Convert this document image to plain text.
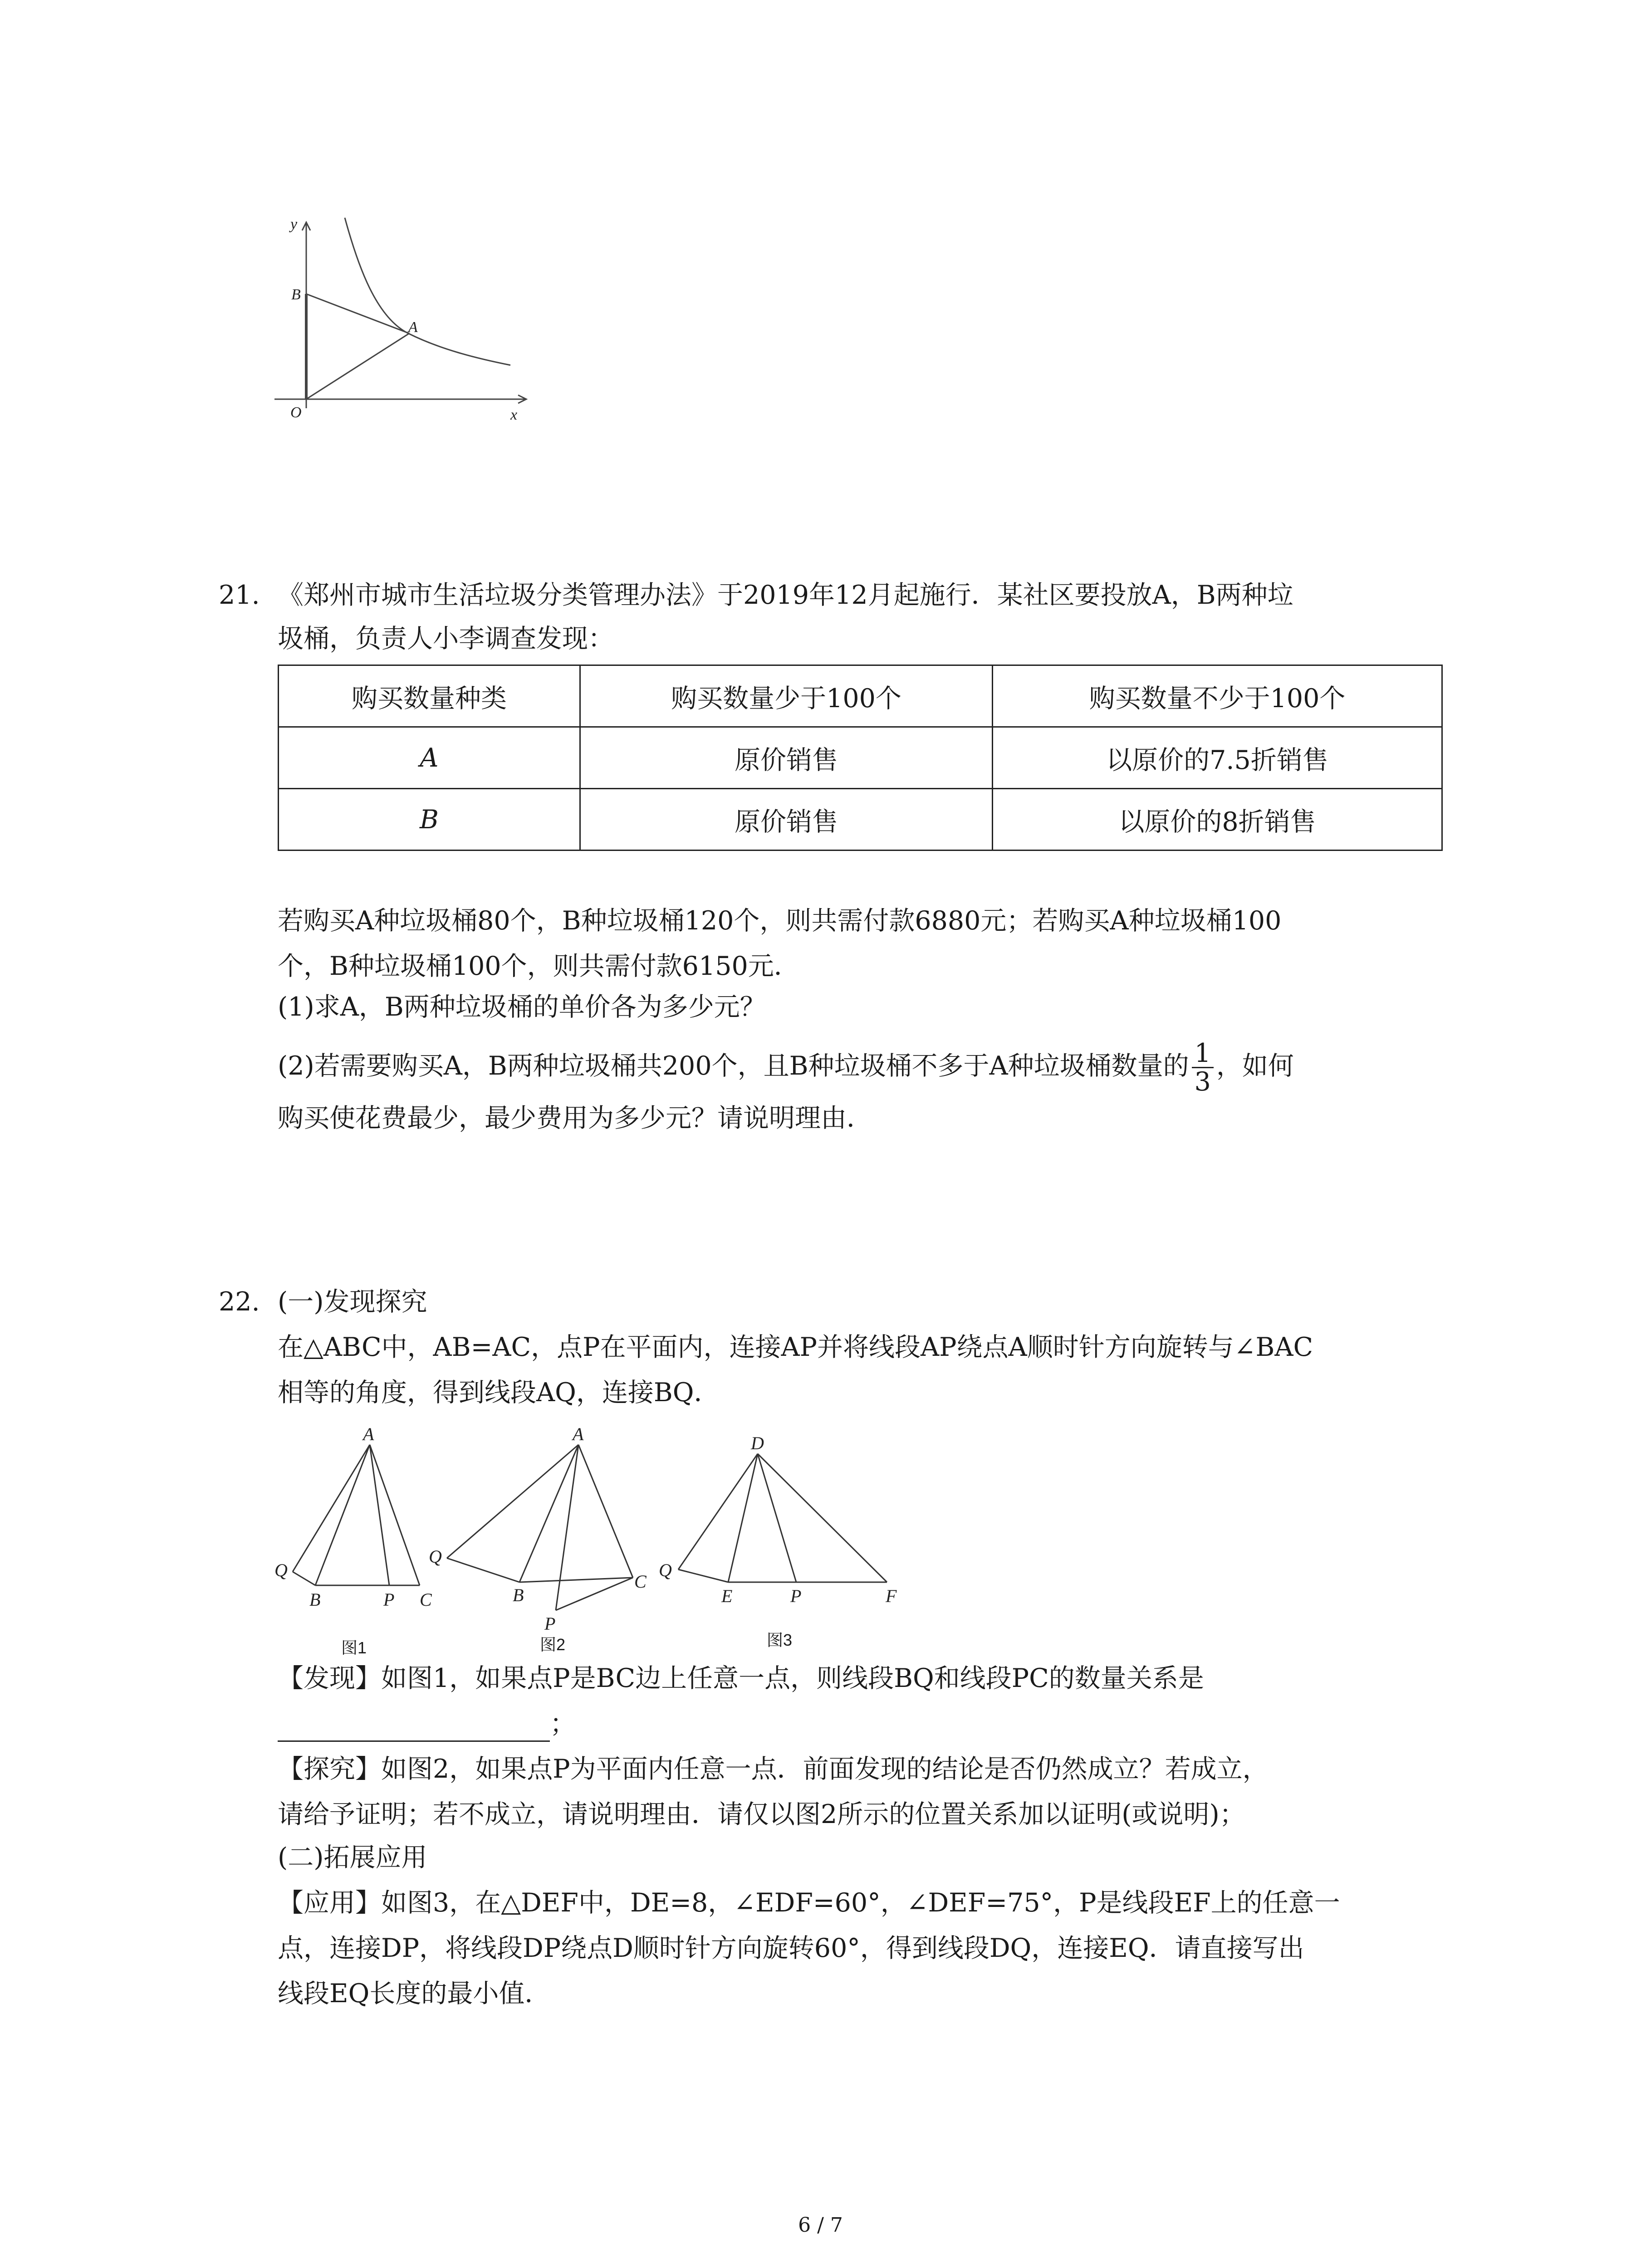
y
x
O
B
A
21. 《郑州市城市生活垃圾分类管理办法》于2019年12月起施行．某社区要投放A，B两种垃
圾桶，负责人小李调查发现：
购买数量种类	购买数量少于100个	购买数量不少于100个
A	原价销售	以原价的7.5折销售
B	原价销售	以原价的8折销售
若购买A种垃圾桶80个，B种垃圾桶120个，则共需付款6880元；若购买A种垃圾桶100
个，B种垃圾桶100个，则共需付款6150元．
(1)求A，B两种垃圾桶的单价各为多少元？
(2)若需要购买A，B两种垃圾桶共200个，且B种垃圾桶不多于A种垃圾桶数量的 $\frac{1}{3}$ ，如何
购买使花费最少，最少费用为多少元？请说明理由．
22. (一)发现探究
在△ABC中，AB=AC，点P在平面内，连接AP并将线段AP绕点A顺时针方向旋转与∠BAC
相等的角度，得到线段AQ，连接BQ．
A
Q
B	P C
A
Q
B
P
C
D
Q
E	P	F
图1	图2	图3
【发现】如图1，如果点P是BC边上任意一点，则线段BQ和线段PC的数量关系是
；
【探究】如图2，如果点P为平面内任意一点．前面发现的结论是否仍然成立？若成立，
请给予证明；若不成立，请说明理由．请仅以图2所示的位置关系加以证明(或说明)；
(二)拓展应用
【应用】如图3，在△DEF中，DE=8，∠EDF=60°，∠DEF=75°，P是线段EF上的任意一
点，连接DP，将线段DP绕点D顺时针方向旋转60°，得到线段DQ，连接EQ．请直接写出
线段EQ长度的最小值．
6 / 7
